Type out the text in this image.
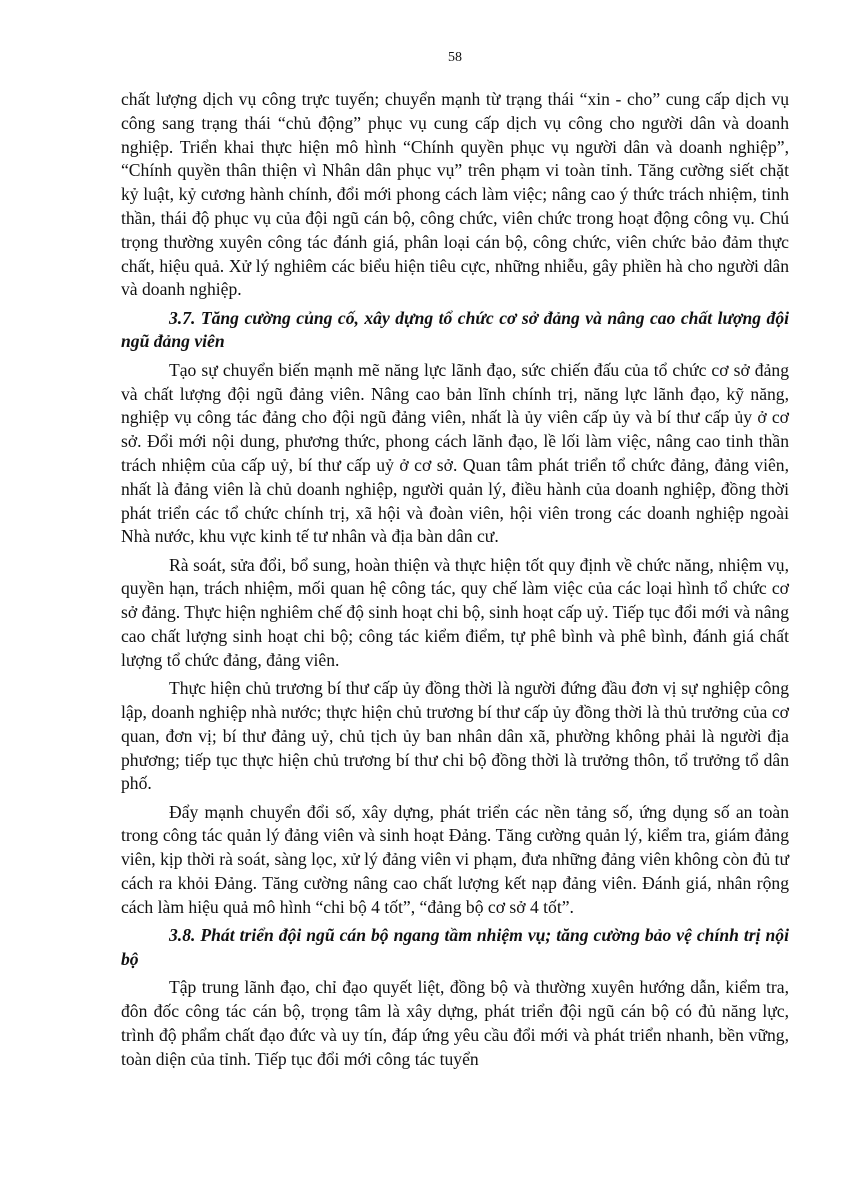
58

chất lượng dịch vụ công trực tuyến; chuyển mạnh từ trạng thái “xin - cho” cung cấp dịch vụ công sang trạng thái “chủ động” phục vụ cung cấp dịch vụ công cho người dân và doanh nghiệp. Triển khai thực hiện mô hình “Chính quyền phục vụ người dân và doanh nghiệp”, “Chính quyền thân thiện vì Nhân dân phục vụ” trên phạm vi toàn tỉnh. Tăng cường siết chặt kỷ luật, kỷ cương hành chính, đổi mới phong cách làm việc; nâng cao ý thức trách nhiệm, tinh thần, thái độ phục vụ của đội ngũ cán bộ, công chức, viên chức trong hoạt động công vụ. Chú trọng thường xuyên công tác đánh giá, phân loại cán bộ, công chức, viên chức bảo đảm thực chất, hiệu quả. Xử lý nghiêm các biểu hiện tiêu cực, những nhiễu, gây phiền hà cho người dân và doanh nghiệp.

3.7. Tăng cường củng cố, xây dựng tổ chức cơ sở đảng và nâng cao chất lượng đội ngũ đảng viên

Tạo sự chuyển biến mạnh mẽ năng lực lãnh đạo, sức chiến đấu của tổ chức cơ sở đảng và chất lượng đội ngũ đảng viên. Nâng cao bản lĩnh chính trị, năng lực lãnh đạo, kỹ năng, nghiệp vụ công tác đảng cho đội ngũ đảng viên, nhất là ủy viên cấp ủy và bí thư cấp ủy ở cơ sở. Đổi mới nội dung, phương thức, phong cách lãnh đạo, lề lối làm việc, nâng cao tinh thần trách nhiệm của cấp uỷ, bí thư cấp uỷ ở cơ sở. Quan tâm phát triển tổ chức đảng, đảng viên, nhất là đảng viên là chủ doanh nghiệp, người quản lý, điều hành của doanh nghiệp, đồng thời phát triển các tổ chức chính trị, xã hội và đoàn viên, hội viên trong các doanh nghiệp ngoài Nhà nước, khu vực kinh tế tư nhân và địa bàn dân cư.

Rà soát, sửa đổi, bổ sung, hoàn thiện và thực hiện tốt quy định về chức năng, nhiệm vụ, quyền hạn, trách nhiệm, mối quan hệ công tác, quy chế làm việc của các loại hình tổ chức cơ sở đảng. Thực hiện nghiêm chế độ sinh hoạt chi bộ, sinh hoạt cấp uỷ. Tiếp tục đổi mới và nâng cao chất lượng sinh hoạt chi bộ; công tác kiểm điểm, tự phê bình và phê bình, đánh giá chất lượng tổ chức đảng, đảng viên.

Thực hiện chủ trương bí thư cấp ủy đồng thời là người đứng đầu đơn vị sự nghiệp công lập, doanh nghiệp nhà nước; thực hiện chủ trương bí thư cấp ủy đồng thời là thủ trưởng của cơ quan, đơn vị; bí thư đảng uỷ, chủ tịch ủy ban nhân dân xã, phường không phải là người địa phương; tiếp tục thực hiện chủ trương bí thư chi bộ đồng thời là trưởng thôn, tổ trưởng tổ dân phố.

Đẩy mạnh chuyển đổi số, xây dựng, phát triển các nền tảng số, ứng dụng số an toàn trong công tác quản lý đảng viên và sinh hoạt Đảng. Tăng cường quản lý, kiểm tra, giám đảng viên, kịp thời rà soát, sàng lọc, xử lý đảng viên vi phạm, đưa những đảng viên không còn đủ tư cách ra khỏi Đảng. Tăng cường nâng cao chất lượng kết nạp đảng viên. Đánh giá, nhân rộng cách làm hiệu quả mô hình “chi bộ 4 tốt”, “đảng bộ cơ sở 4 tốt”.

3.8. Phát triển đội ngũ cán bộ ngang tầm nhiệm vụ; tăng cường bảo vệ chính trị nội bộ

Tập trung lãnh đạo, chỉ đạo quyết liệt, đồng bộ và thường xuyên hướng dẫn, kiểm tra, đôn đốc công tác cán bộ, trọng tâm là xây dựng, phát triển đội ngũ cán bộ có đủ năng lực, trình độ phẩm chất đạo đức và uy tín, đáp ứng yêu cầu đổi mới và phát triển nhanh, bền vững, toàn diện của tỉnh. Tiếp tục đổi mới công tác tuyển
